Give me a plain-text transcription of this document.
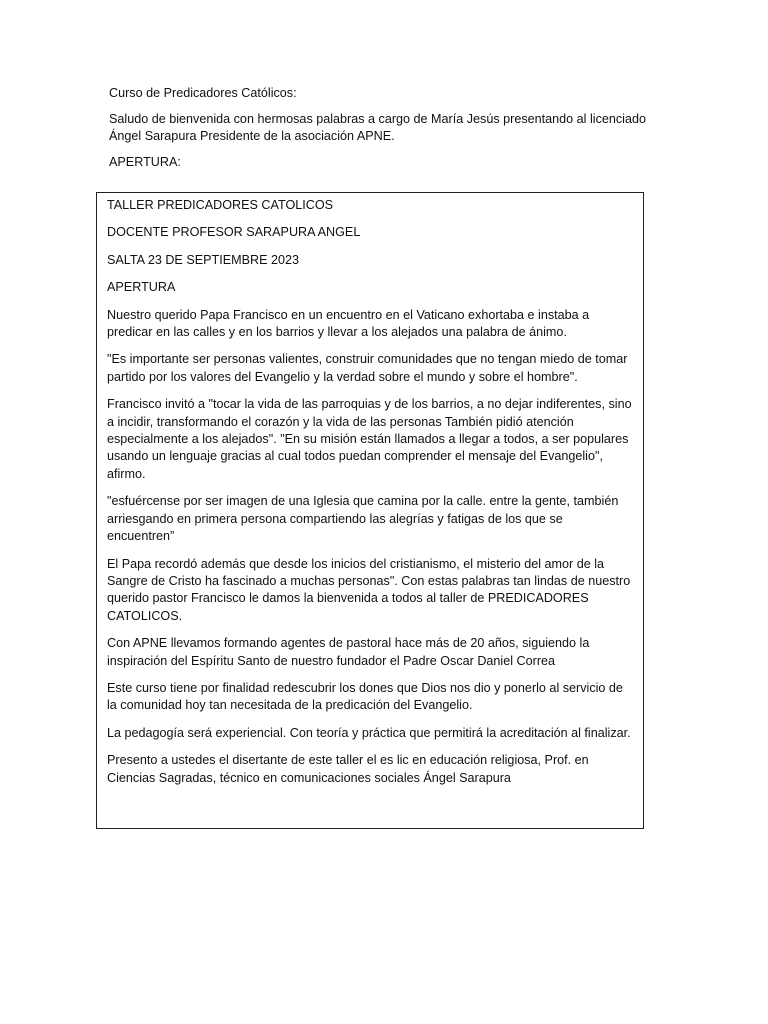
Curso de Predicadores Católicos:

Saludo de bienvenida con hermosas palabras a cargo de María Jesús presentando al licenciado Ángel Sarapura Presidente de la asociación APNE.

APERTURA:

TALLER PREDICADORES CATOLICOS

DOCENTE PROFESOR SARAPURA ANGEL

SALTA 23 DE SEPTIEMBRE 2023

APERTURA

Nuestro querido Papa Francisco en un encuentro en el Vaticano exhortaba e instaba a predicar en las calles y en los barrios y llevar a los alejados una palabra de ánimo.

"Es importante ser personas valientes, construir comunidades que no tengan miedo de tomar partido por los valores del Evangelio y la verdad sobre el mundo y sobre el hombre".

Francisco invitó a "tocar la vida de las parroquias y de los barrios, a no dejar indiferentes, sino a incidir, transformando el corazón y la vida de las personas También pidió atención especialmente a los alejados". "En su misión están llamados a llegar a todos, a ser populares usando un lenguaje gracias al cual todos puedan comprender el mensaje del Evangelio", afirmo.

"esfuércense por ser imagen de una Iglesia que camina por la calle. entre la gente, también arriesgando en primera persona compartiendo las alegrías y fatigas de los que se encuentren”

El Papa recordó además que desde los inicios del cristianismo, el misterio del amor de la Sangre de Cristo ha fascinado a muchas personas". Con estas palabras tan lindas de nuestro querido pastor Francisco le damos la bienvenida a todos al taller de PREDICADORES CATOLICOS.

Con APNE llevamos formando agentes de pastoral hace más de 20 años, siguiendo la inspiración del Espíritu Santo de nuestro fundador el Padre Oscar Daniel Correa

Este curso tiene por finalidad redescubrir los dones que Dios nos dio y ponerlo al servicio de la comunidad hoy tan necesitada de la predicación del Evangelio.

La pedagogía será experiencial. Con teoría y práctica que permitirá la acreditación al finalizar.

Presento a ustedes el disertante de este taller el es lic en educación religiosa, Prof. en Ciencias Sagradas, técnico en comunicaciones sociales Ángel Sarapura
